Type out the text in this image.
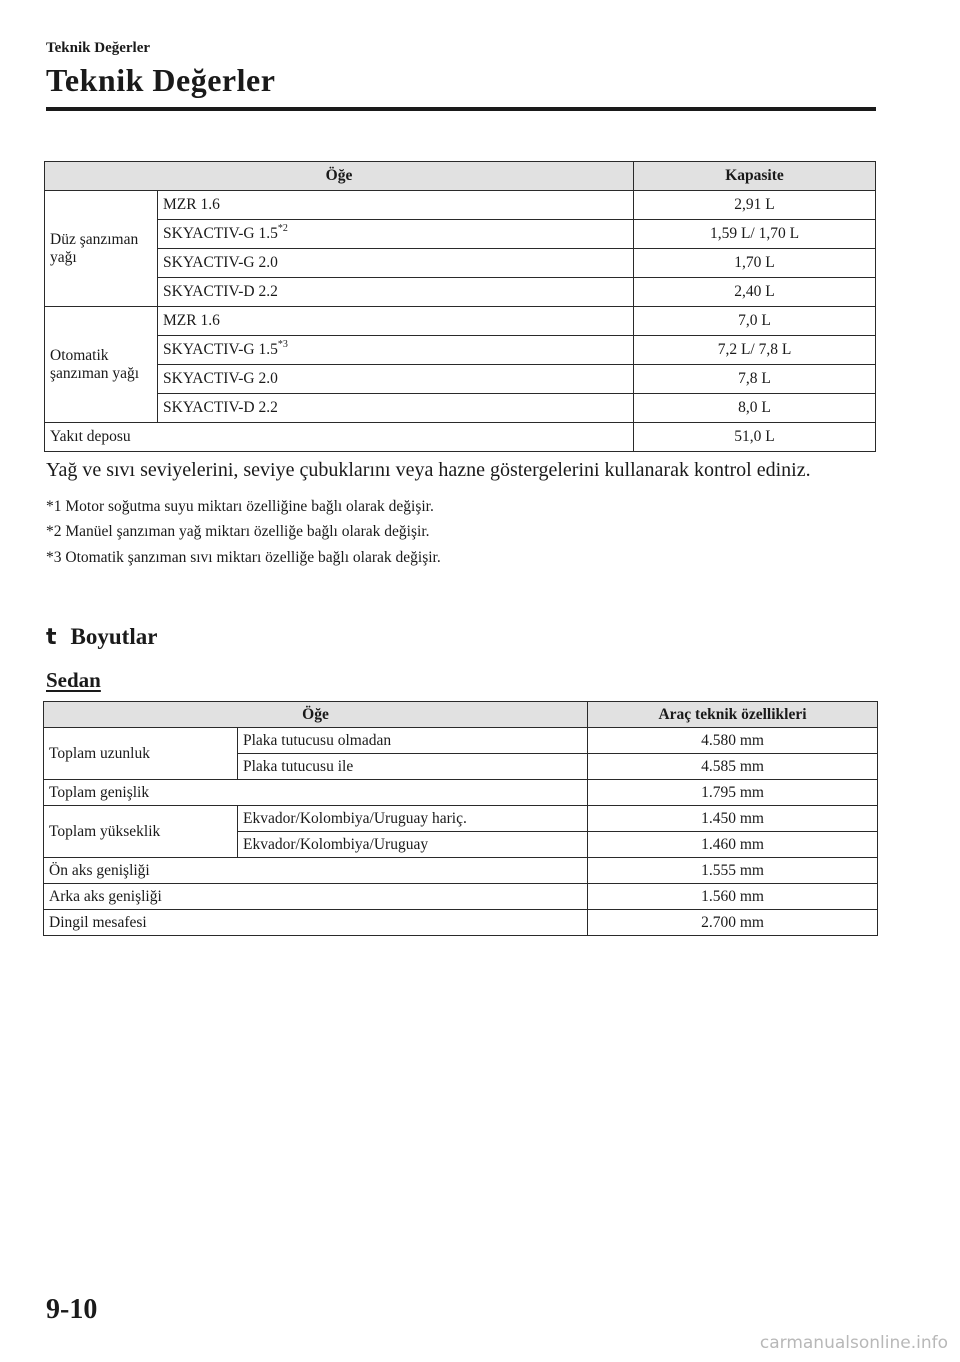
Teknik Değerler
Teknik Değerler
Öğe		Kapasite
Düz şanzıman yağı	MZR 1.6	2,91 L
	SKYACTIV-G 1.5$^{*2}$	1,59 L/ 1,70 L
	SKYACTIV-G 2.0	1,70 L
	SKYACTIV-D 2.2	2,40 L
Otomatik şanzıman yağı	MZR 1.6	7,0 L
	SKYACTIV-G 1.5$^{*3}$	7,2 L/ 7,8 L
	SKYACTIV-G 2.0	7,8 L
	SKYACTIV-D 2.2	8,0 L
Yakıt deposu		51,0 L
Yağ ve sıvı seviyelerini, seviye çubuklarını veya hazne göstergelerini kullanarak kontrol ediniz.
*1 Motor soğutma suyu miktarı özelliğine bağlı olarak değişir.
*2 Manüel şanzıman yağ miktarı özelliğe bağlı olarak değişir.
*3 Otomatik şanzıman sıvı miktarı özelliğe bağlı olarak değişir.
t Boyutlar
Sedan
Öğe		Araç teknik özellikleri
Toplam uzunluk	Plaka tutucusu olmadan	4.580 mm
	Plaka tutucusu ile	4.585 mm
Toplam genişlik		1.795 mm
Toplam yükseklik	Ekvador/Kolombiya/Uruguay hariç.	1.450 mm
	Ekvador/Kolombiya/Uruguay	1.460 mm
Ön aks genişliği		1.555 mm
Arka aks genişliği		1.560 mm
Dingil mesafesi		2.700 mm
9-10
carmanualsonline.info
